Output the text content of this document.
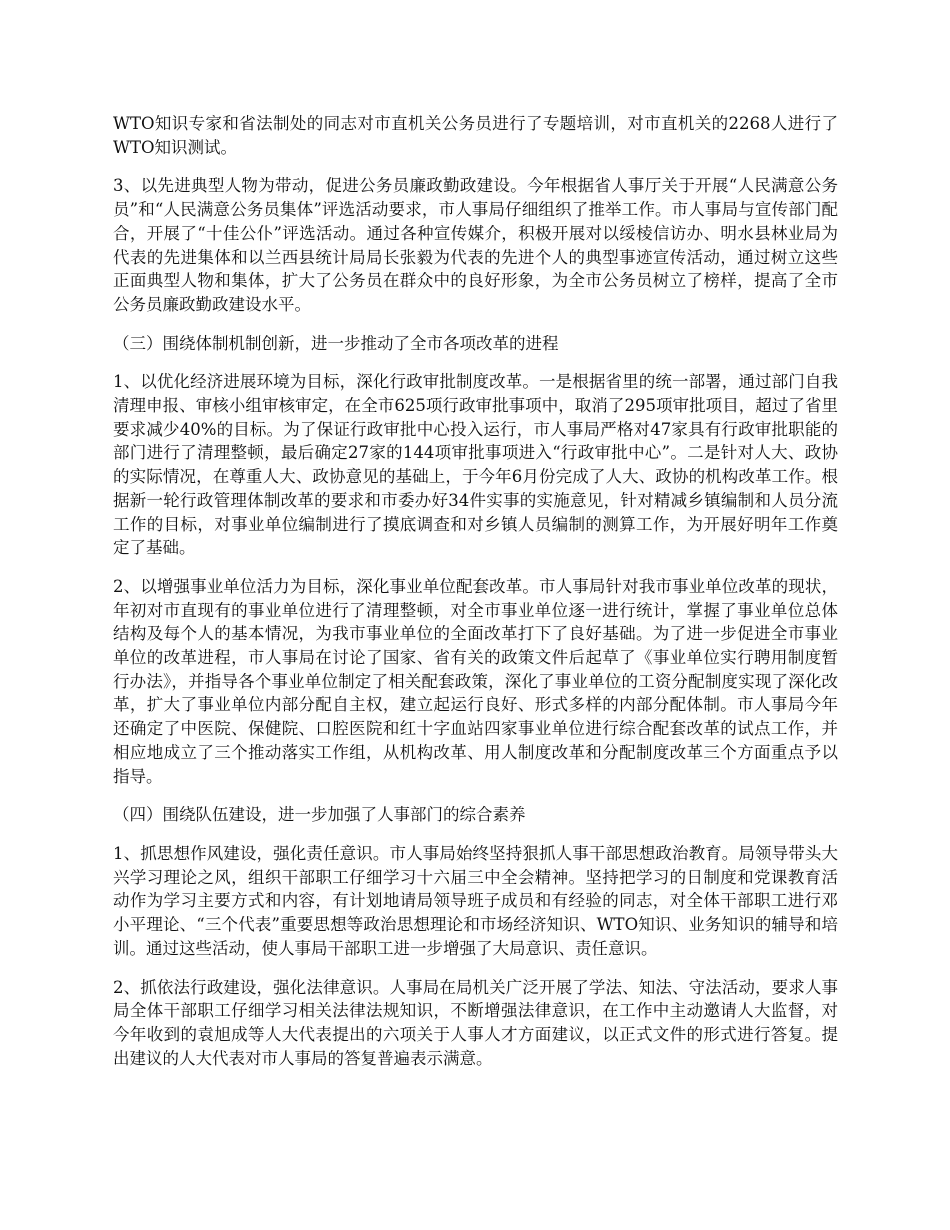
WTO知识专家和省法制处的同志对市直机关公务员进行了专题培训，对市直机关的2268人进行了WTO知识测试。

3、以先进典型人物为带动，促进公务员廉政勤政建设。今年根据省人事厅关于开展“人民满意公务员”和“人民满意公务员集体”评选活动要求，市人事局仔细组织了推举工作。市人事局与宣传部门配合，开展了“十佳公仆”评选活动。通过各种宣传媒介，积极开展对以绥棱信访办、明水县林业局为代表的先进集体和以兰西县统计局局长张毅为代表的先进个人的典型事迹宣传活动，通过树立这些正面典型人物和集体，扩大了公务员在群众中的良好形象，为全市公务员树立了榜样，提高了全市公务员廉政勤政建设水平。

（三）围绕体制机制创新，进一步推动了全市各项改革的进程

1、以优化经济进展环境为目标，深化行政审批制度改革。一是根据省里的统一部署，通过部门自我清理申报、审核小组审核审定，在全市625项行政审批事项中，取消了295项审批项目，超过了省里要求减少40%的目标。为了保证行政审批中心投入运行，市人事局严格对47家具有行政审批职能的部门进行了清理整顿，最后确定27家的144项审批事项进入“行政审批中心”。二是针对人大、政协的实际情况，在尊重人大、政协意见的基础上，于今年6月份完成了人大、政协的机构改革工作。根据新一轮行政管理体制改革的要求和市委办好34件实事的实施意见，针对精减乡镇编制和人员分流工作的目标，对事业单位编制进行了摸底调查和对乡镇人员编制的测算工作，为开展好明年工作奠定了基础。

2、以增强事业单位活力为目标，深化事业单位配套改革。市人事局针对我市事业单位改革的现状，年初对市直现有的事业单位进行了清理整顿，对全市事业单位逐一进行统计，掌握了事业单位总体结构及每个人的基本情况，为我市事业单位的全面改革打下了良好基础。为了进一步促进全市事业单位的改革进程，市人事局在讨论了国家、省有关的政策文件后起草了《事业单位实行聘用制度暂行办法》，并指导各个事业单位制定了相关配套政策，深化了事业单位的工资分配制度实现了深化改革，扩大了事业单位内部分配自主权，建立起运行良好、形式多样的内部分配体制。市人事局今年还确定了中医院、保健院、口腔医院和红十字血站四家事业单位进行综合配套改革的试点工作，并相应地成立了三个推动落实工作组，从机构改革、用人制度改革和分配制度改革三个方面重点予以指导。

（四）围绕队伍建设，进一步加强了人事部门的综合素养

1、抓思想作风建设，强化责任意识。市人事局始终坚持狠抓人事干部思想政治教育。局领导带头大兴学习理论之风，组织干部职工仔细学习十六届三中全会精神。坚持把学习的日制度和党课教育活动作为学习主要方式和内容，有计划地请局领导班子成员和有经验的同志，对全体干部职工进行邓小平理论、“三个代表”重要思想等政治思想理论和市场经济知识、WTO知识、业务知识的辅导和培训。通过这些活动，使人事局干部职工进一步增强了大局意识、责任意识。

2、抓依法行政建设，强化法律意识。人事局在局机关广泛开展了学法、知法、守法活动，要求人事局全体干部职工仔细学习相关法律法规知识，不断增强法律意识，在工作中主动邀请人大监督，对今年收到的袁旭成等人大代表提出的六项关于人事人才方面建议，以正式文件的形式进行答复。提出建议的人大代表对市人事局的答复普遍表示满意。
